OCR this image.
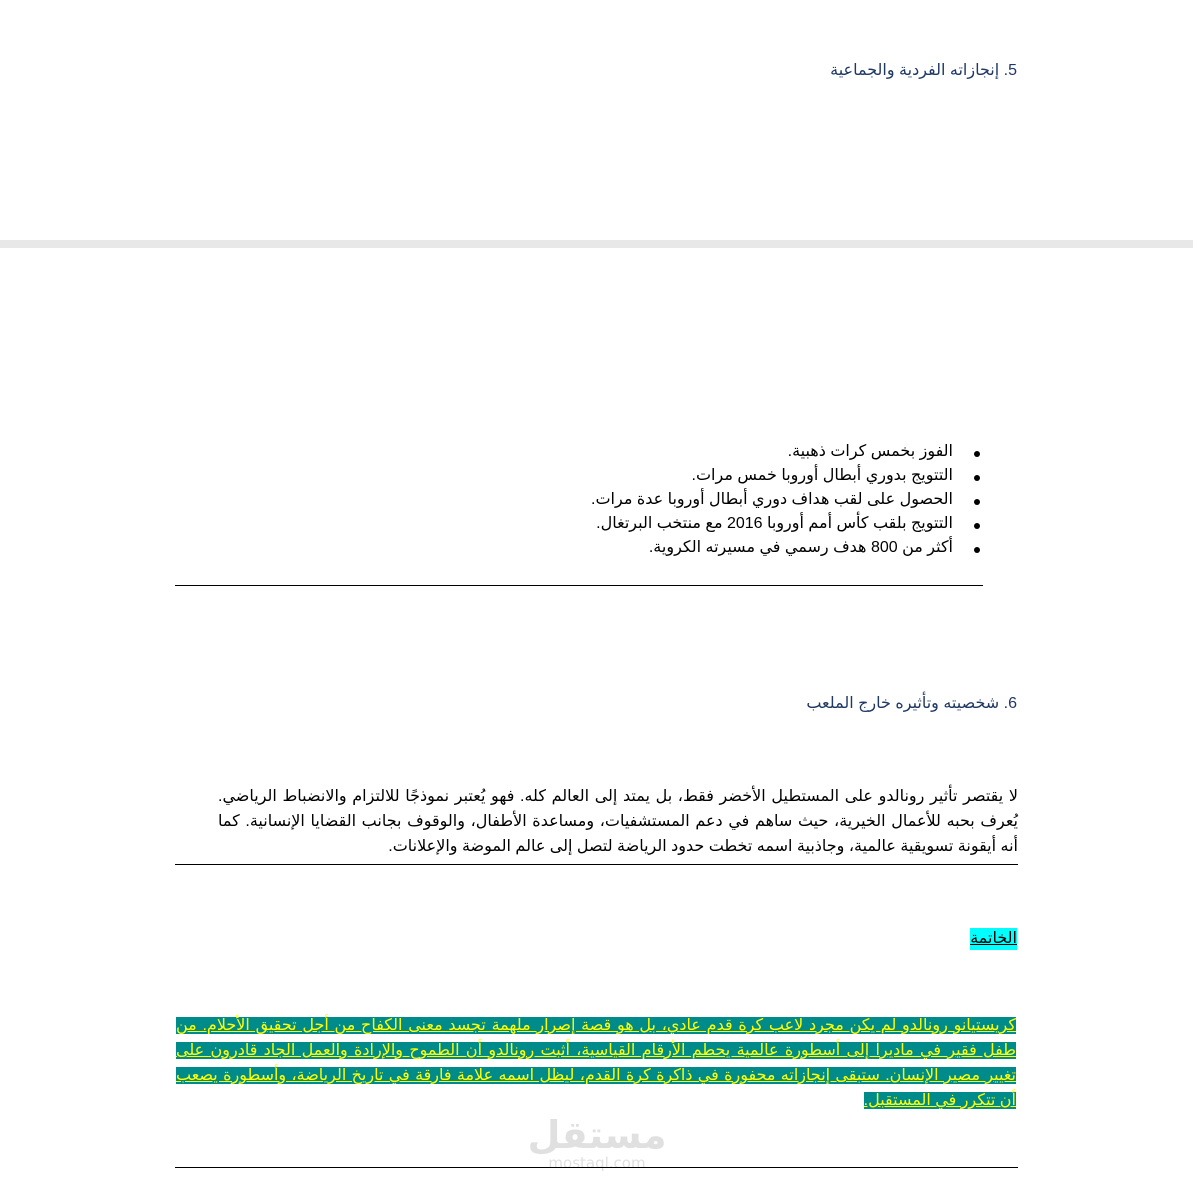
5. إنجازاته الفردية والجماعية
الفوز بخمس كرات ذهبية.
التتويج بدوري أبطال أوروبا خمس مرات.
الحصول على لقب هداف دوري أبطال أوروبا عدة مرات.
التتويج بلقب كأس أمم أوروبا 2016 مع منتخب البرتغال.
أكثر من 800 هدف رسمي في مسيرته الكروية.
6. شخصيته وتأثيره خارج الملعب

لا يقتصر تأثير رونالدو على المستطيل الأخضر فقط، بل يمتد إلى العالم كله. فهو يُعتبر نموذجًا للالتزام والانضباط الرياضي. يُعرف بحبه للأعمال الخيرية، حيث ساهم في دعم المستشفيات، ومساعدة الأطفال، والوقوف بجانب القضايا الإنسانية. كما أنه أيقونة تسويقية عالمية، وجاذبية اسمه تخطت حدود الرياضة لتصل إلى عالم الموضة والإعلانات.

الخاتمة

كريستيانو رونالدو لم يكن مجرد لاعب كرة قدم عادي، بل هو قصة إصرار ملهمة تجسد معنى الكفاح من أجل تحقيق الأحلام. من طفل فقير في ماديرا إلى أسطورة عالمية يحطم الأرقام القياسية، أثبت رونالدو أن الطموح والإرادة والعمل الجاد قادرون على تغيير مصير الإنسان. ستبقى إنجازاته محفورة في ذاكرة كرة القدم، ليظل اسمه علامة فارقة في تاريخ الرياضة، وأسطورة يصعب أن تتكرر في المستقبل.

مستقل
mostaql.com
